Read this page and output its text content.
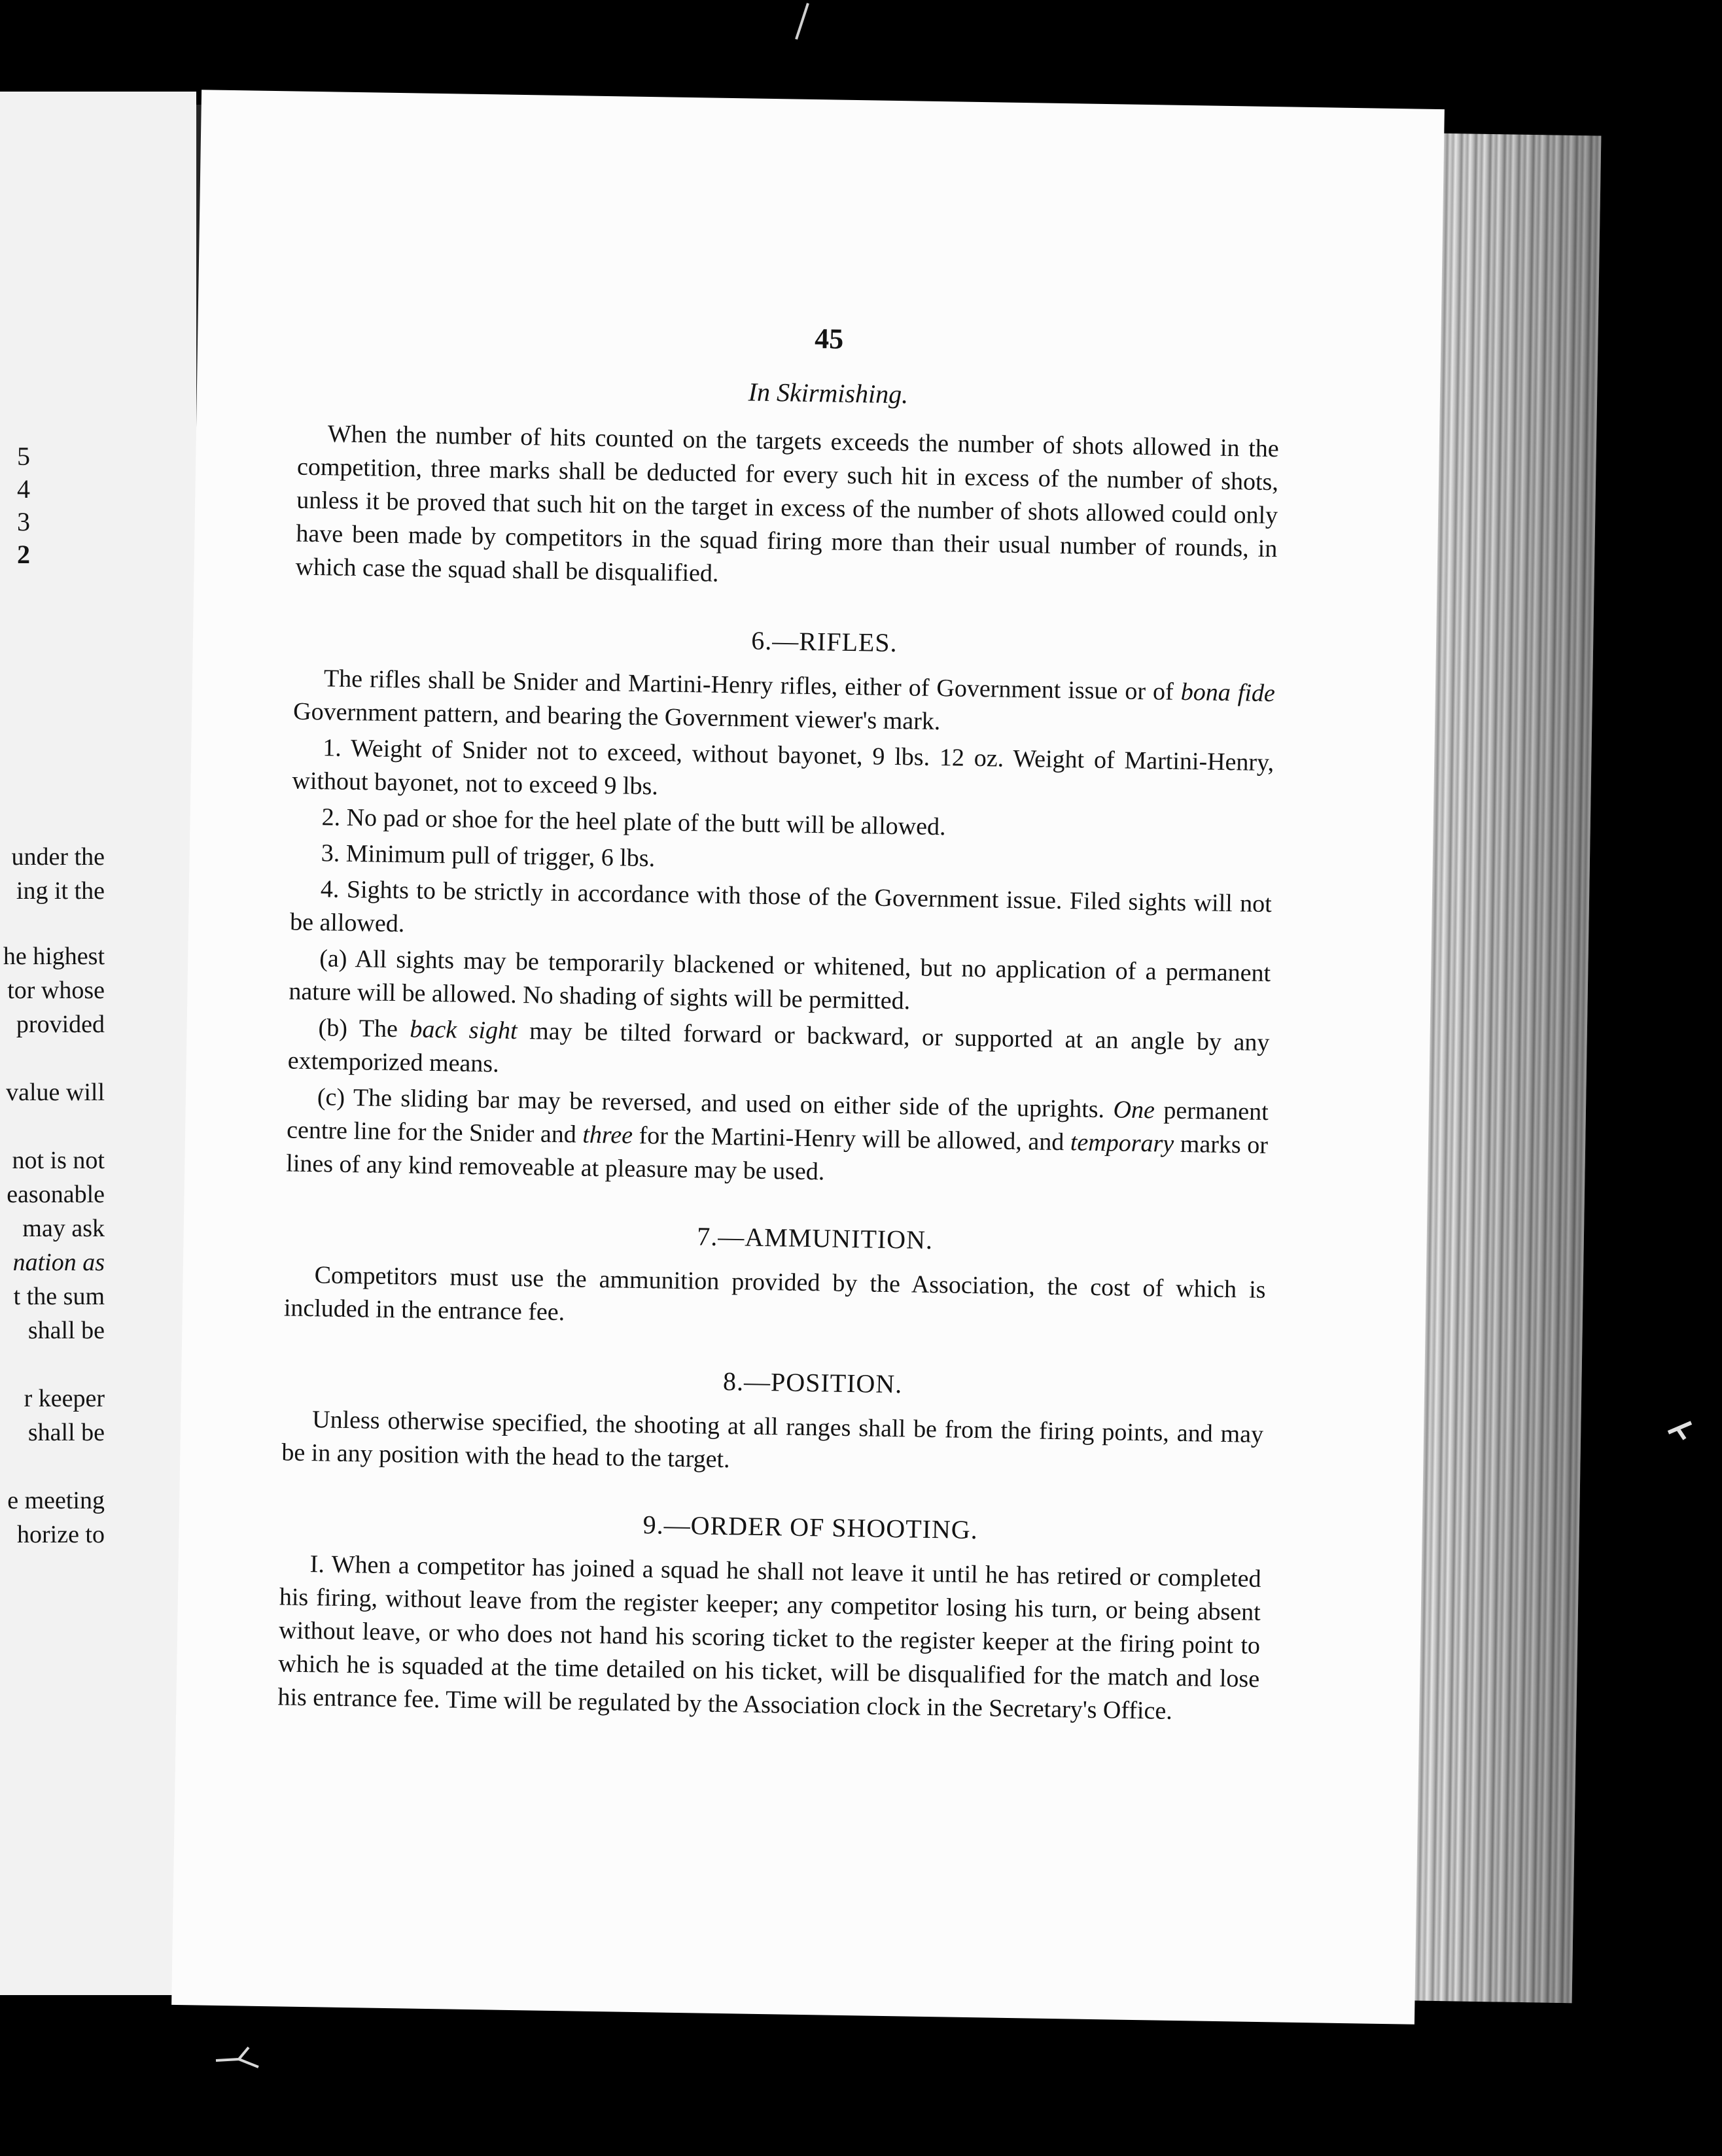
5
4
3
2
under the
ing it the
he highest
tor whose
provided
value will
not is not
easonable
may ask
nation as
t the sum
shall be
r keeper
shall be
e meeting
horize to
45
In Skirmishing.

When the number of hits counted on the targets exceeds the number of shots allowed in the competition, three marks shall be deducted for every such hit in excess of the number of shots, unless it be proved that such hit on the target in excess of the number of shots allowed could only have been made by competitors in the squad firing more than their usual number of rounds, in which case the squad shall be disqualified.

6.—RIFLES.

The rifles shall be Snider and Martini-Henry rifles, either of Government issue or of bona fide Government pattern, and bearing the Government viewer's mark.

1. Weight of Snider not to exceed, without bayonet, 9 lbs. 12 oz. Weight of Martini-Henry, without bayonet, not to exceed 9 lbs.

2. No pad or shoe for the heel plate of the butt will be allowed.

3. Minimum pull of trigger, 6 lbs.

4. Sights to be strictly in accordance with those of the Government issue. Filed sights will not be allowed.

(a) All sights may be temporarily blackened or whitened, but no application of a permanent nature will be allowed. No shading of sights will be permitted.

(b) The back sight may be tilted forward or backward, or supported at an angle by any extemporized means.

(c) The sliding bar may be reversed, and used on either side of the uprights. One permanent centre line for the Snider and three for the Martini-Henry will be allowed, and temporary marks or lines of any kind removeable at pleasure may be used.

7.—AMMUNITION.

Competitors must use the ammunition provided by the Association, the cost of which is included in the entrance fee.

8.—POSITION.

Unless otherwise specified, the shooting at all ranges shall be from the firing points, and may be in any position with the head to the target.

9.—ORDER OF SHOOTING.

I. When a competitor has joined a squad he shall not leave it until he has retired or completed his firing, without leave from the register keeper; any competitor losing his turn, or being absent without leave, or who does not hand his scoring ticket to the register keeper at the firing point to which he is squaded at the time detailed on his ticket, will be disqualified for the match and lose his entrance fee. Time will be regulated by the Association clock in the Secretary's Office.
